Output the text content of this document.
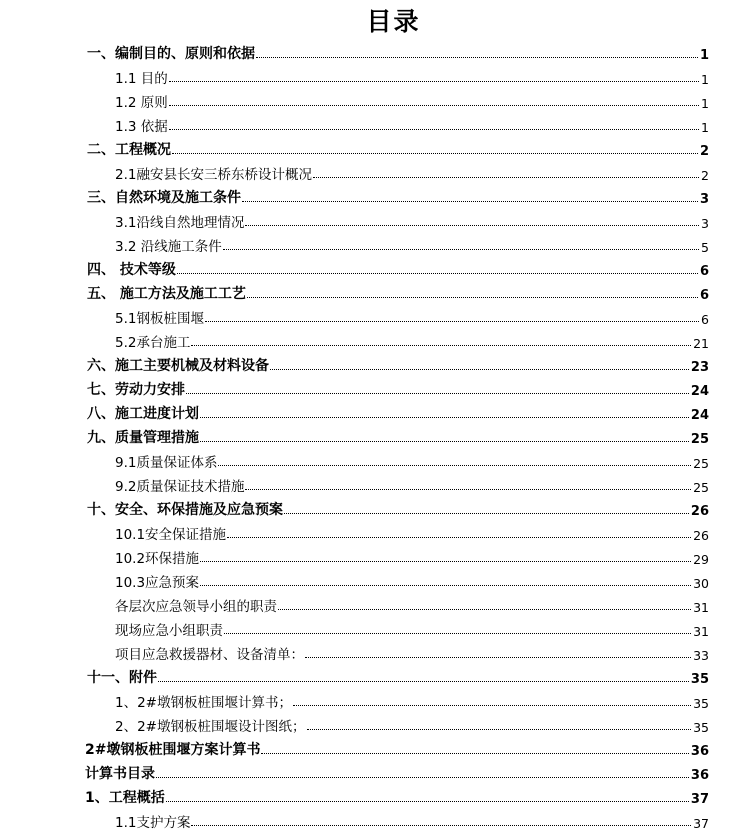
目录
一、编制目的、原则和依据	1
1.1 目的	1
1.2 原则	1
1.3 依据	1
二、工程概况	2
2.1融安县长安三桥东桥设计概况	2
三、自然环境及施工条件	3
3.1沿线自然地理情况	3
3.2 沿线施工条件	5
四、 技术等级	6
五、 施工方法及施工工艺	6
5.1钢板桩围堰	6
5.2承台施工	21
六、施工主要机械及材料设备	23
七、劳动力安排	24
八、施工进度计划	24
九、质量管理措施	25
9.1质量保证体系	25
9.2质量保证技术措施	25
十、安全、环保措施及应急预案	26
10.1安全保证措施	26
10.2环保措施	29
10.3应急预案	30
各层次应急领导小组的职责	31
现场应急小组职责	31
项目应急救援器材、设备清单：	33
十一、附件	35
1、2#墩钢板桩围堰计算书；	35
2、2#墩钢板桩围堰设计图纸；	35
2#墩钢板桩围堰方案计算书	36
计算书目录	36
1、工程概括	37
1.1支护方案	37
